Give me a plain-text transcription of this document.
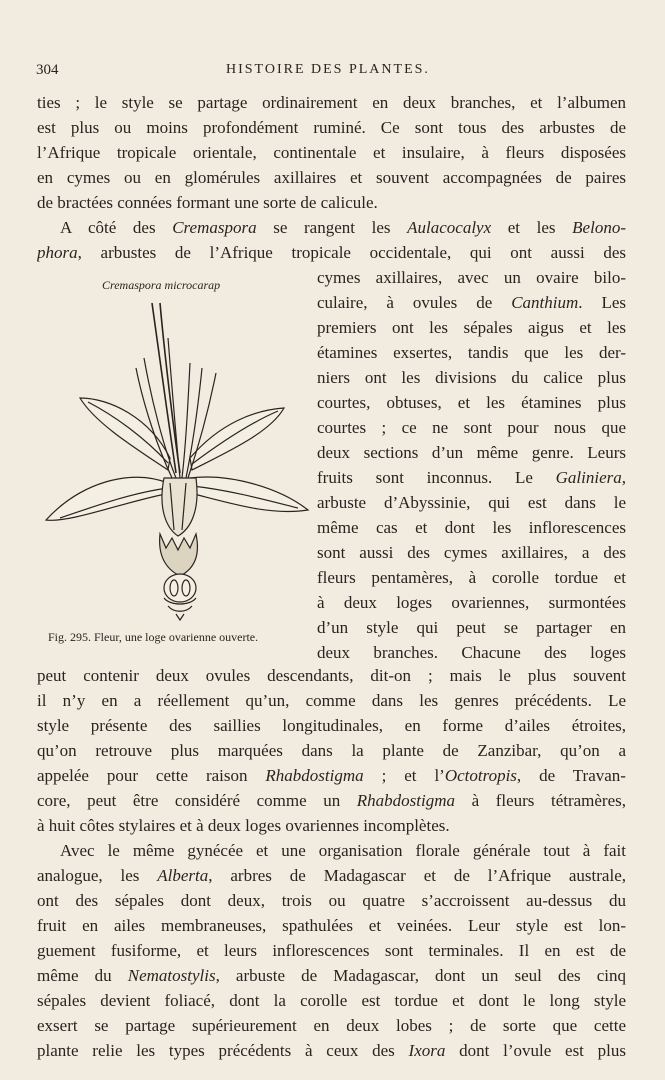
304	HISTOIRE DES PLANTES.
ties ; le style se partage ordinairement en deux branches, et l’albumen
est plus ou moins profondément ruminé. Ce sont tous des arbustes de
l’Afrique tropicale orientale, continentale et insulaire, à fleurs disposées
en cymes ou en glomérules axillaires et souvent accompagnées de paires
de bractées connées formant une sorte de calicule.
A côté des Cremaspora se rangent les Aulacocalyx et les Belono-
phora, arbustes de l’Afrique tropicale occidentale, qui ont aussi des
cymes axillaires, avec un ovaire bilo-
culaire, à ovules de Canthium. Les
premiers ont les sépales aigus et les
étamines exsertes, tandis que les der-
niers ont les divisions du calice plus
courtes, obtuses, et les étamines plus
courtes ; ce ne sont pour nous que
deux sections d’un même genre. Leurs
fruits sont inconnus. Le Galiniera,
arbuste d’Abyssinie, qui est dans le
même cas et dont les inflorescences
sont aussi des cymes axillaires, a des
fleurs pentamères, à corolle tordue et
à deux loges ovariennes, surmontées
d’un style qui peut se partager en
deux branches. Chacune des loges
peut contenir deux ovules descendants, dit-on ; mais le plus souvent
il n’y en a réellement qu’un, comme dans les genres précédents. Le
style présente des saillies longitudinales, en forme d’ailes étroites,
qu’on retrouve plus marquées dans la plante de Zanzibar, qu’on a
appelée pour cette raison Rhabdostigma ; et l’Octotropis, de Travan-
core, peut être considéré comme un Rhabdostigma à fleurs tétramères,
à huit côtes stylaires et à deux loges ovariennes incomplètes.
Avec le même gynécée et une organisation florale générale tout à fait
analogue, les Alberta, arbres de Madagascar et de l’Afrique australe,
ont des sépales dont deux, trois ou quatre s’accroissent au-dessus du
fruit en ailes membraneuses, spathulées et veinées. Leur style est lon-
guement fusiforme, et leurs inflorescences sont terminales. Il en est de
même du Nematostylis, arbuste de Madagascar, dont un seul des cinq
sépales devient foliacé, dont la corolle est tordue et dont le long style
exsert se partage supérieurement en deux lobes ; de sorte que cette
plante relie les types précédents à ceux des Ixora dont l’ovule est plus
Cremaspora microcarap
Fig. 295. Fleur, une loge ovarienne ouverte.
